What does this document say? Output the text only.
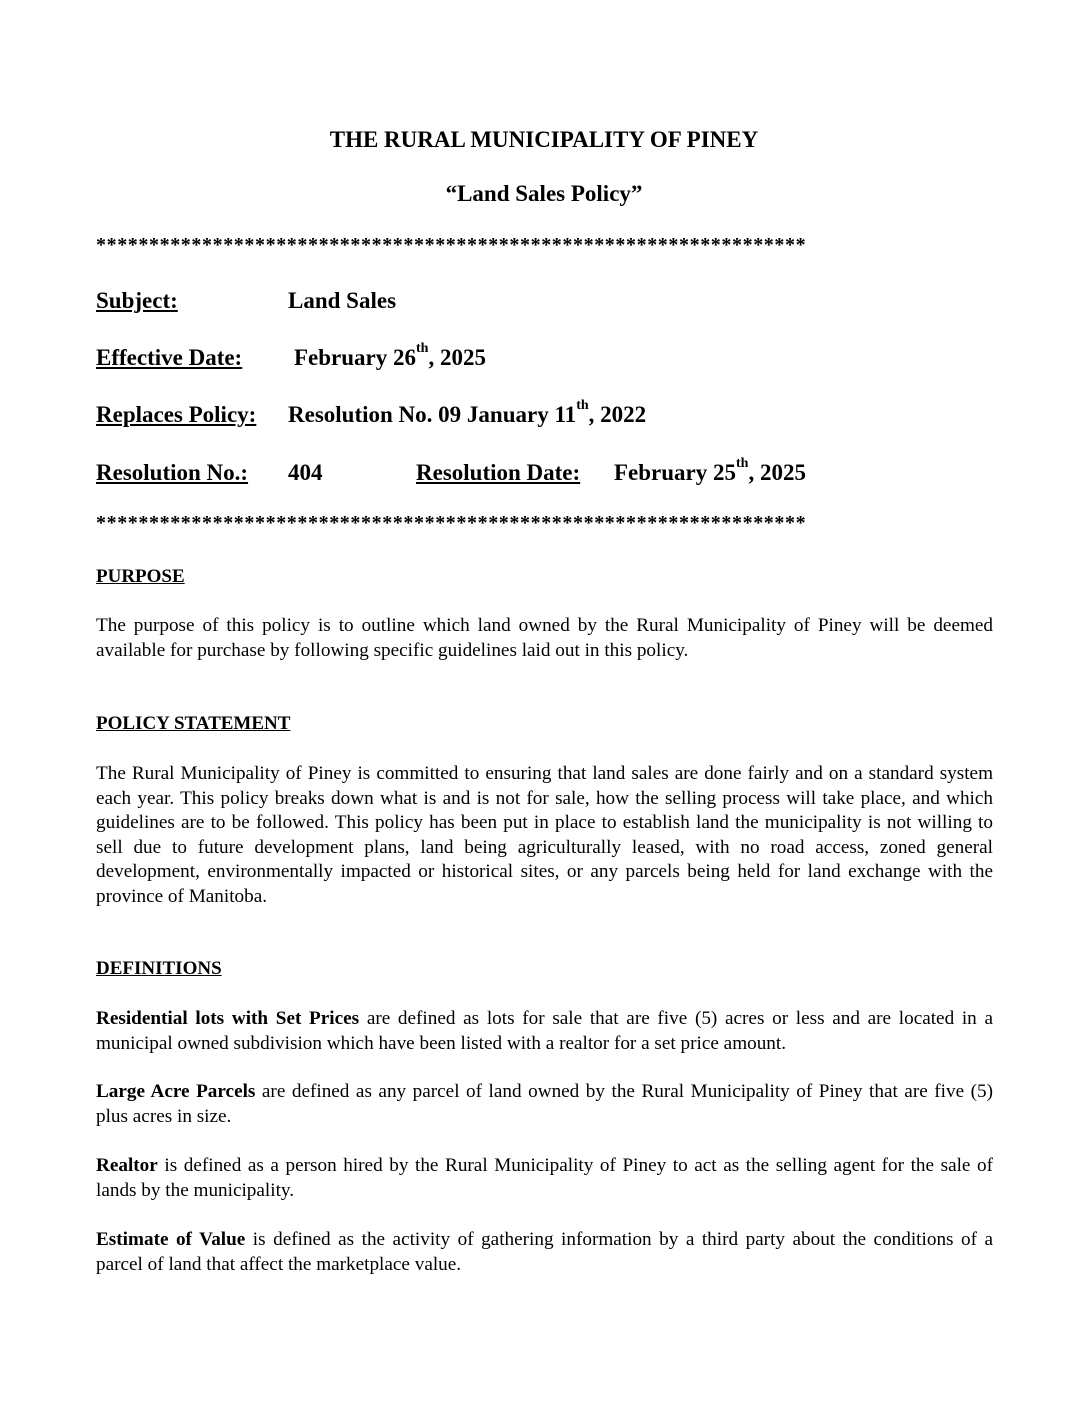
THE RURAL MUNICIPALITY OF PINEY
“Land Sales Policy”
*******************************************************************
Subject:	Land Sales
Effective Date: February 26th, 2025
Replaces Policy: Resolution No. 09 January 11th, 2022
Resolution No.: 404	Resolution Date: February 25th, 2025
*******************************************************************
PURPOSE
The purpose of this policy is to outline which land owned by the Rural Municipality of Piney will be deemed available for purchase by following specific guidelines laid out in this policy.
POLICY STATEMENT
The Rural Municipality of Piney is committed to ensuring that land sales are done fairly and on a standard system each year. This policy breaks down what is and is not for sale, how the selling process will take place, and which guidelines are to be followed. This policy has been put in place to establish land the municipality is not willing to sell due to future development plans, land being agriculturally leased, with no road access, zoned general development, environmentally impacted or historical sites, or any parcels being held for land exchange with the province of Manitoba.
DEFINITIONS
Residential lots with Set Prices are defined as lots for sale that are five (5) acres or less and are located in a municipal owned subdivision which have been listed with a realtor for a set price amount.
Large Acre Parcels are defined as any parcel of land owned by the Rural Municipality of Piney that are five (5) plus acres in size.
Realtor is defined as a person hired by the Rural Municipality of Piney to act as the selling agent for the sale of lands by the municipality.
Estimate of Value is defined as the activity of gathering information by a third party about the conditions of a parcel of land that affect the marketplace value.
